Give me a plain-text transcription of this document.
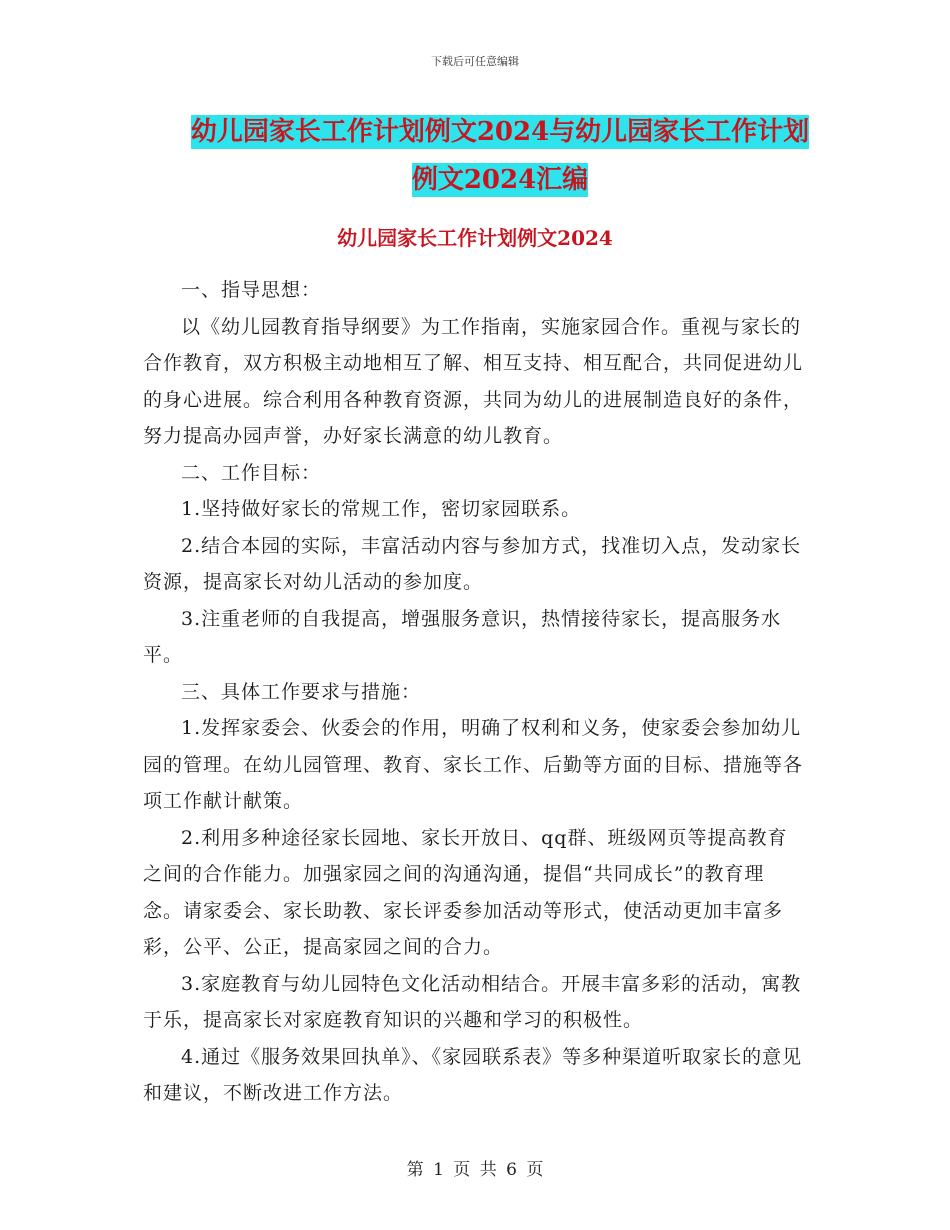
下载后可任意编辑
幼儿园家长工作计划例文2024与幼儿园家长工作计划
例文2024汇编
幼儿园家长工作计划例文2024

一、指导思想：

以《幼儿园教育指导纲要》为工作指南，实施家园合作。重视与家长的合作教育，双方积极主动地相互了解、相互支持、相互配合，共同促进幼儿的身心进展。综合利用各种教育资源，共同为幼儿的进展制造良好的条件，努力提高办园声誉，办好家长满意的幼儿教育。

二、工作目标：

1.坚持做好家长的常规工作，密切家园联系。

2.结合本园的实际，丰富活动内容与参加方式，找准切入点，发动家长资源，提高家长对幼儿活动的参加度。

3.注重老师的自我提高，增强服务意识，热情接待家长，提高服务水平。

三、具体工作要求与措施：

1.发挥家委会、伙委会的作用，明确了权利和义务，使家委会参加幼儿园的管理。在幼儿园管理、教育、家长工作、后勤等方面的目标、措施等各项工作献计献策。

2.利用多种途径家长园地、家长开放日、qq群、班级网页等提高教育之间的合作能力。加强家园之间的沟通沟通，提倡“共同成长”的教育理念。请家委会、家长助教、家长评委参加活动等形式，使活动更加丰富多彩，公平、公正，提高家园之间的合力。

3.家庭教育与幼儿园特色文化活动相结合。开展丰富多彩的活动，寓教于乐，提高家长对家庭教育知识的兴趣和学习的积极性。

4.通过《服务效果回执单》、《家园联系表》等多种渠道听取家长的意见和建议，不断改进工作方法。

第 1 页 共 6 页
